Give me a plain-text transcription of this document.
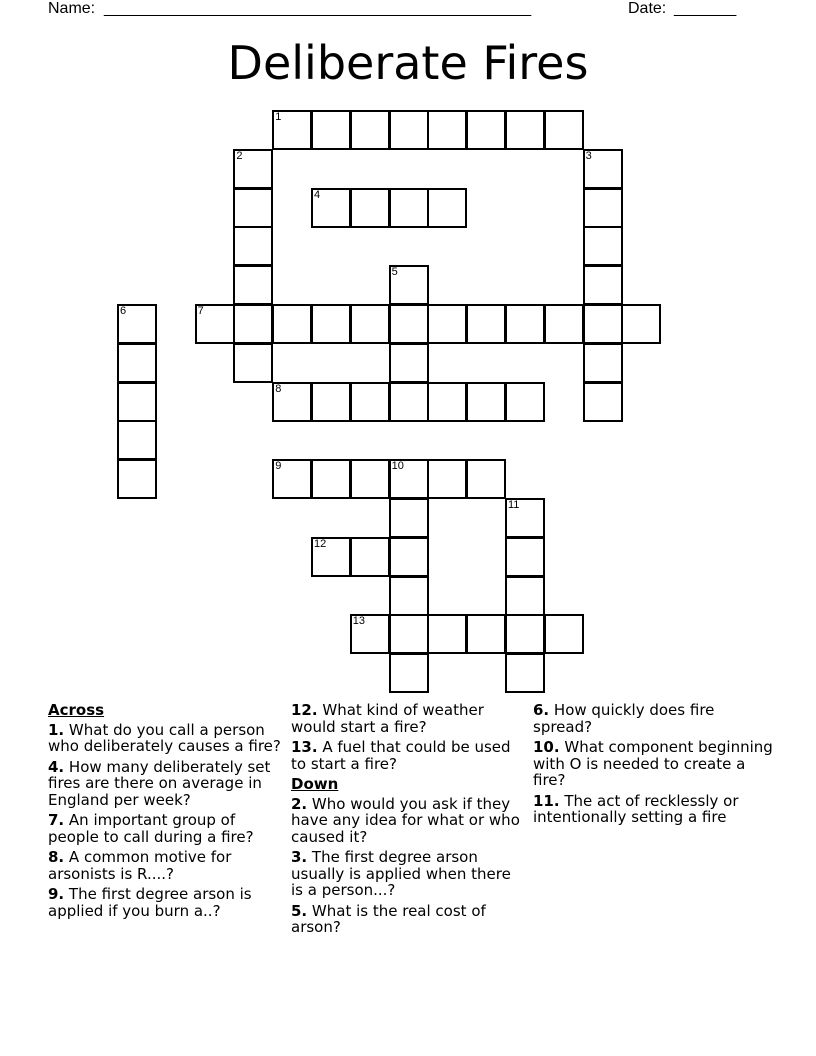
Name: ________________________________________________	Date: _______
Deliberate Fires
1
2	3
4
5
6	7
8
9	10
11
12
13
Across
1. What do you call a person who deliberately causes a fire?
4. How many deliberately set fires are there on average in England per week?
7. An important group of people to call during a fire?
8. A common motive for arsonists is R....?
9. The first degree arson is applied if you burn a..?
12. What kind of weather would start a fire?
13. A fuel that could be used to start a fire?
Down
2. Who would you ask if they have any idea for what or who caused it?
3. The first degree arson usually is applied when there is a person...?
5. What is the real cost of arson?
6. How quickly does fire spread?
10. What component beginning with O is needed to create a fire?
11. The act of recklessly or intentionally setting a fire
